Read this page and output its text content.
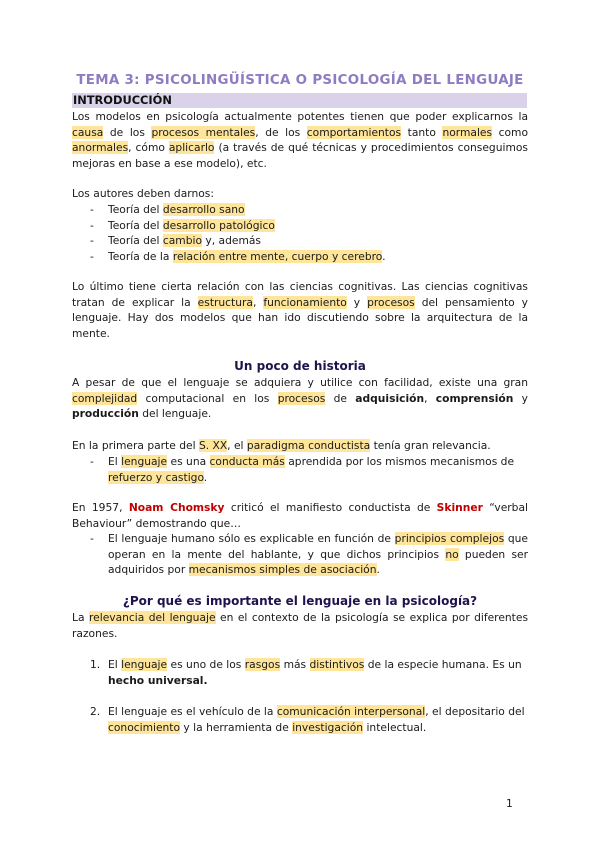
TEMA 3: PSICOLINGÜÍSTICA O PSICOLOGÍA DEL LENGUAJE
INTRODUCCIÓN
Los modelos en psicología actualmente potentes tienen que poder explicarnos la causa de los procesos mentales, de los comportamientos tanto normales como anormales, cómo aplicarlo (a través de qué técnicas y procedimientos conseguimos mejoras en base a ese modelo), etc.
Los autores deben darnos:
- Teoría del desarrollo sano
- Teoría del desarrollo patológico
- Teoría del cambio y, además
- Teoría de la relación entre mente, cuerpo y cerebro.
Lo último tiene cierta relación con las ciencias cognitivas. Las ciencias cognitivas tratan de explicar la estructura, funcionamiento y procesos del pensamiento y lenguaje. Hay dos modelos que han ido discutiendo sobre la arquitectura de la mente.
Un poco de historia
A pesar de que el lenguaje se adquiera y utilice con facilidad, existe una gran complejidad computacional en los procesos de adquisición, comprensión y producción del lenguaje.
En la primera parte del S. XX, el paradigma conductista tenía gran relevancia.
- El lenguaje es una conducta más aprendida por los mismos mecanismos de refuerzo y castigo.
En 1957, Noam Chomsky criticó el manifiesto conductista de Skinner “verbal Behaviour” demostrando que…
- El lenguaje humano sólo es explicable en función de principios complejos que operan en la mente del hablante, y que dichos principios no pueden ser adquiridos por mecanismos simples de asociación.
¿Por qué es importante el lenguaje en la psicología?
La relevancia del lenguaje en el contexto de la psicología se explica por diferentes razones.
1. El lenguaje es uno de los rasgos más distintivos de la especie humana. Es un hecho universal.
2. El lenguaje es el vehículo de la comunicación interpersonal, el depositario del conocimiento y la herramienta de investigación intelectual.
1
